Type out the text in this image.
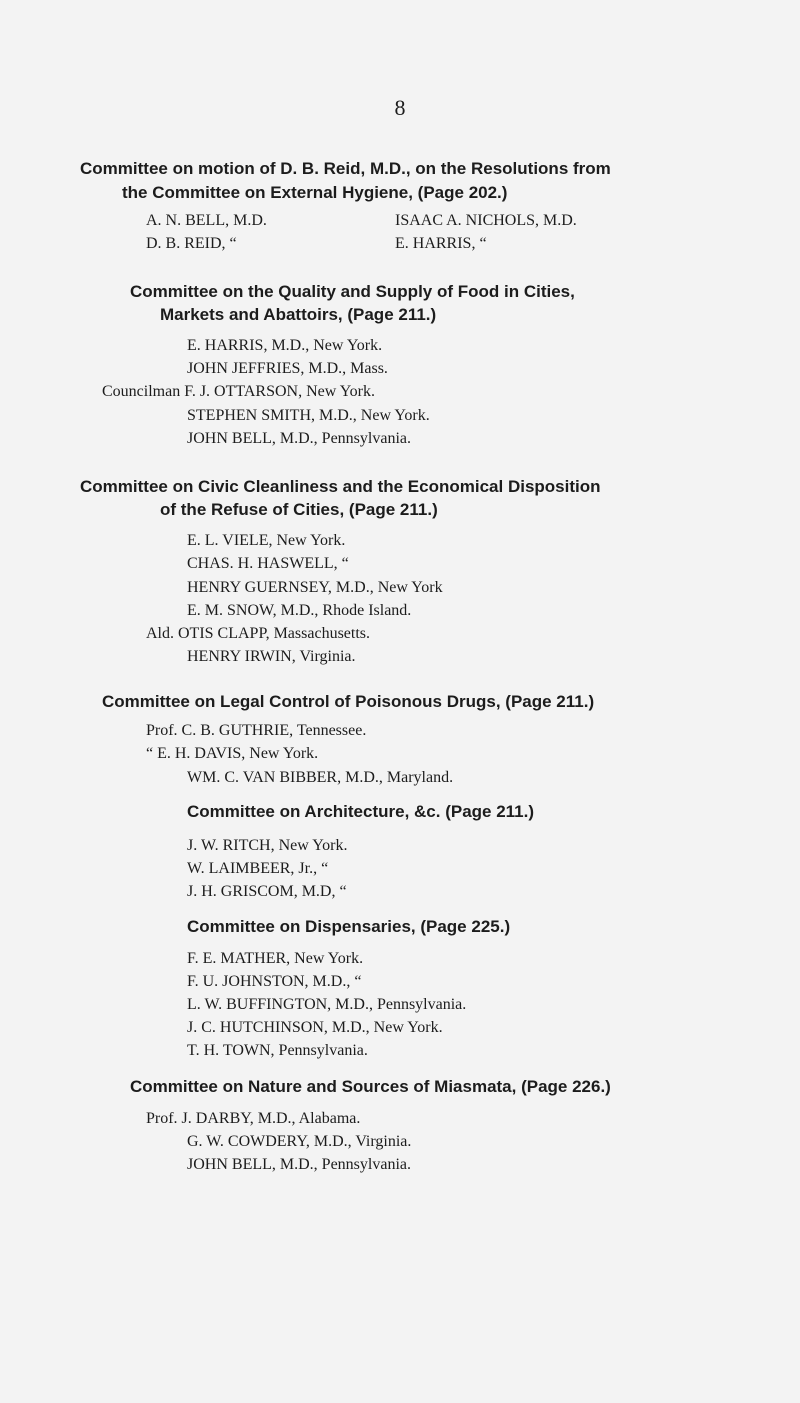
8
Committee on motion of D. B. Reid, M.D., on the Resolutions from
the Committee on External Hygiene, (Page 202.)
A. N. BELL, M.D.	ISAAC A. NICHOLS, M.D.
D. B. REID, “	E. HARRIS, “
Committee on the Quality and Supply of Food in Cities,
Markets and Abattoirs, (Page 211.)
E. HARRIS, M.D., New York.
JOHN JEFFRIES, M.D., Mass.
Councilman F. J. OTTARSON, New York.
STEPHEN SMITH, M.D., New York.
JOHN BELL, M.D., Pennsylvania.
Committee on Civic Cleanliness and the Economical Disposition
of the Refuse of Cities, (Page 211.)
E. L. VIELE, New York.
CHAS. H. HASWELL, “
HENRY GUERNSEY, M.D., New York
E. M. SNOW, M.D., Rhode Island.
Ald. OTIS CLAPP, Massachusetts.
HENRY IRWIN, Virginia.
Committee on Legal Control of Poisonous Drugs, (Page 211.)
Prof. C. B. GUTHRIE, Tennessee.
“ E. H. DAVIS, New York.
WM. C. VAN BIBBER, M.D., Maryland.
Committee on Architecture, &c. (Page 211.)
J. W. RITCH, New York.
W. LAIMBEER, Jr., “
J. H. GRISCOM, M.D, “
Committee on Dispensaries, (Page 225.)
F. E. MATHER, New York.
F. U. JOHNSTON, M.D., “
L. W. BUFFINGTON, M.D., Pennsylvania.
J. C. HUTCHINSON, M.D., New York.
T. H. TOWN, Pennsylvania.
Committee on Nature and Sources of Miasmata, (Page 226.)
Prof. J. DARBY, M.D., Alabama.
G. W. COWDERY, M.D., Virginia.
JOHN BELL, M.D., Pennsylvania.
